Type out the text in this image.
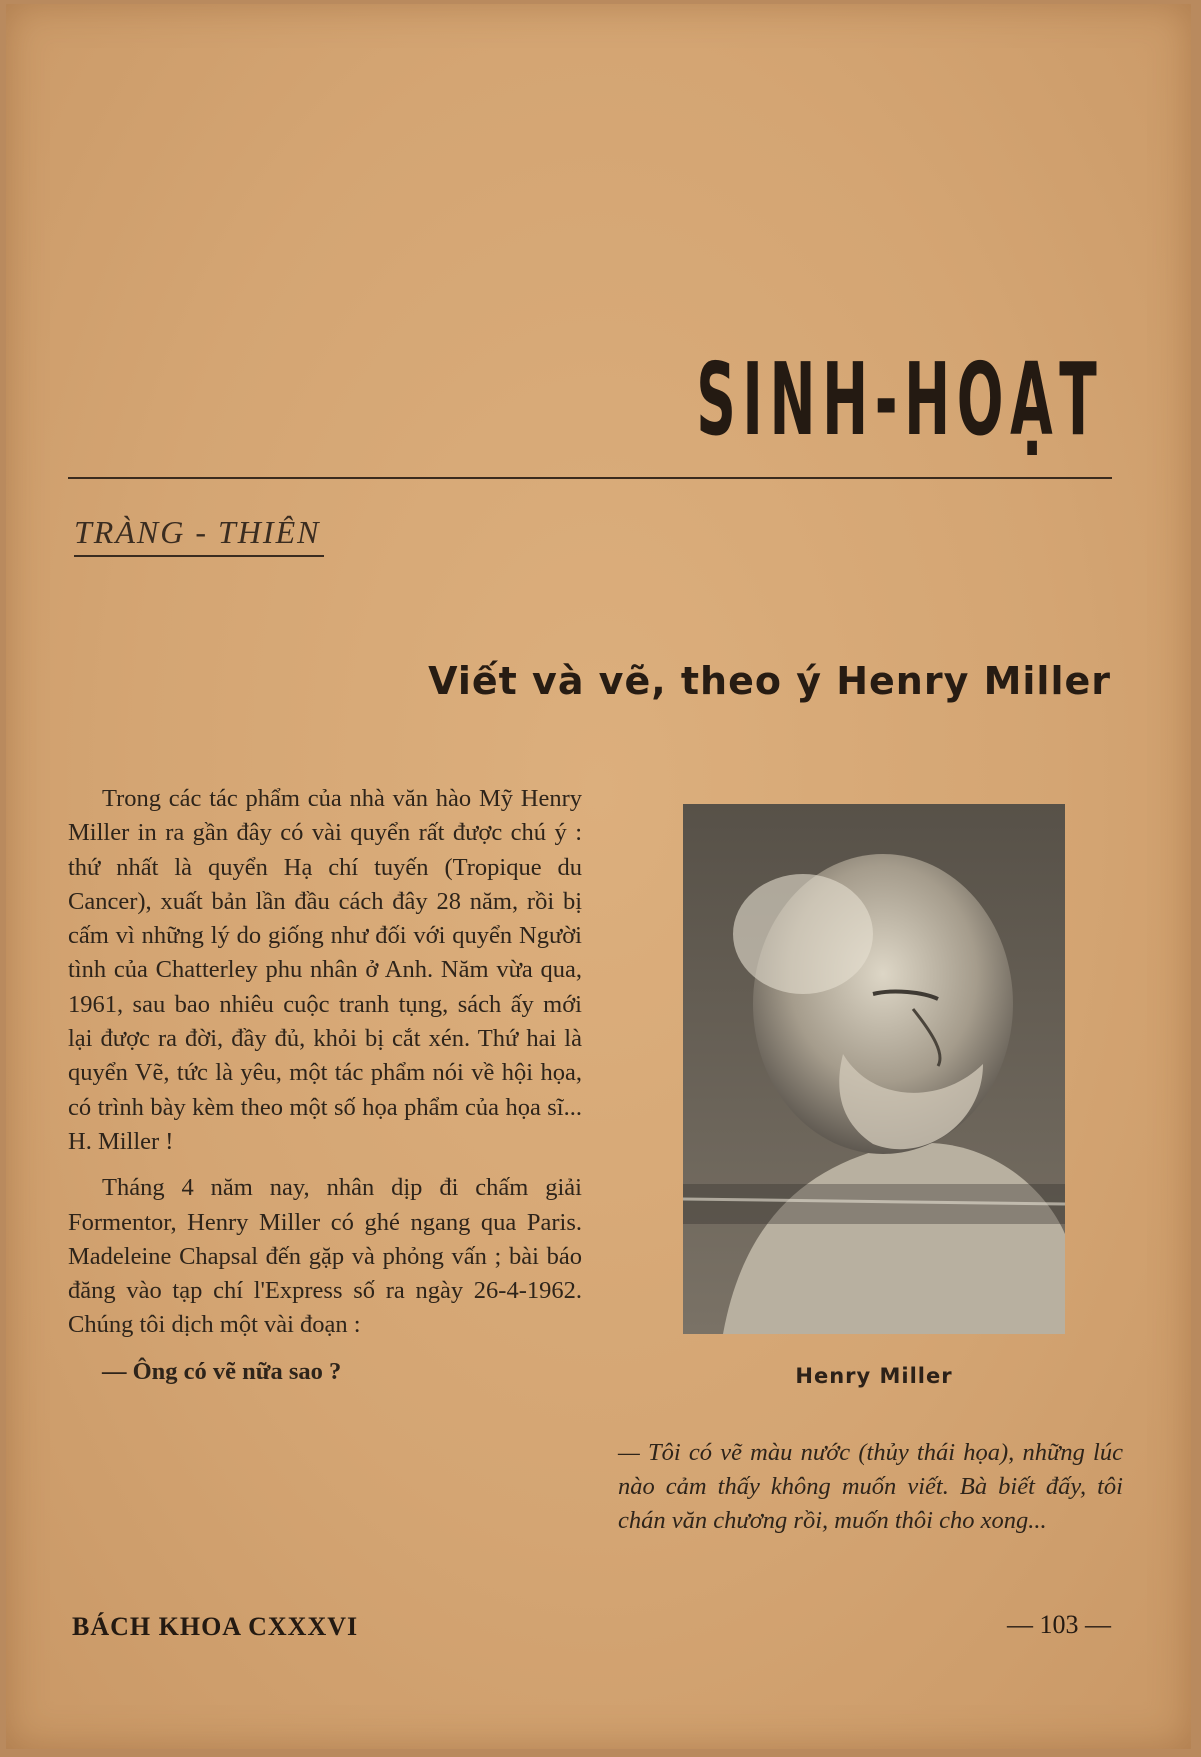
SINH-HOẠT
TRÀNG - THIÊN
Viết và vẽ, theo ý Henry Miller

Trong các tác phẩm của nhà văn hào Mỹ Henry Miller in ra gần đây có vài quyển rất được chú ý : thứ nhất là quyển Hạ chí tuyến (Tropique du Cancer), xuất bản lần đầu cách đây 28 năm, rồi bị cấm vì những lý do giống như đối với quyển Người tình của Chatterley phu nhân ở Anh. Năm vừa qua, 1961, sau bao nhiêu cuộc tranh tụng, sách ấy mới lại được ra đời, đầy đủ, khỏi bị cắt xén. Thứ hai là quyển Vẽ, tức là yêu, một tác phẩm nói về hội họa, có trình bày kèm theo một số họa phẩm của họa sĩ... H. Miller !

Tháng 4 năm nay, nhân dịp đi chấm giải Formentor, Henry Miller có ghé ngang qua Paris. Madeleine Chapsal đến gặp và phỏng vấn ; bài báo đăng vào tạp chí l'Express số ra ngày 26-4-1962. Chúng tôi dịch một vài đoạn :

— Ông có vẽ nữa sao ?	Henry Miller

— Tôi có vẽ màu nước (thủy thái họa), những lúc nào cảm thấy không muốn viết. Bà biết đấy, tôi chán văn chương rồi, muốn thôi cho xong...

BÁCH KHOA CXXXVI	— 103 —
